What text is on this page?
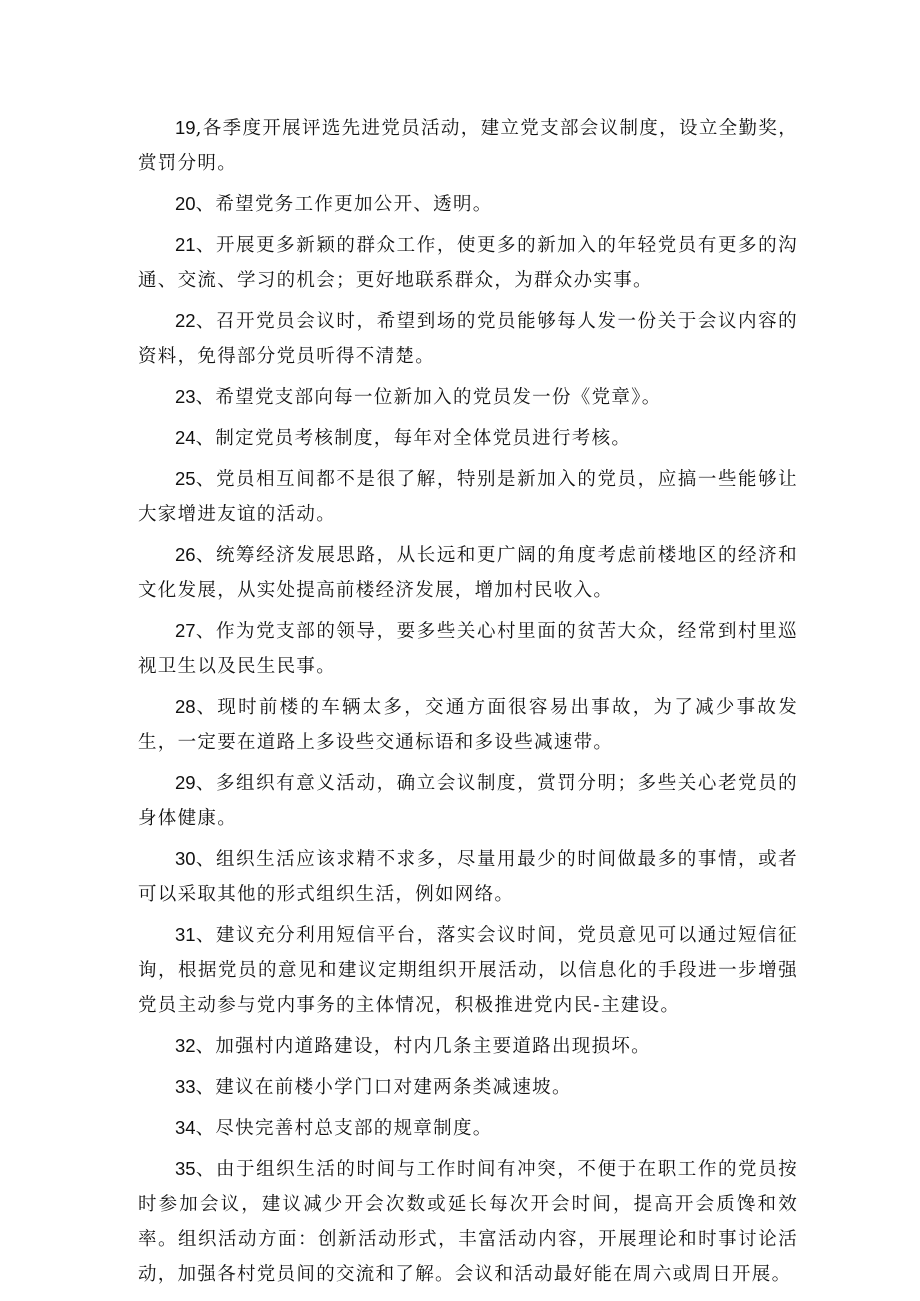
19,各季度开展评选先进党员活动，建立党支部会议制度，设立全勤奖，赏罚分明。

20、希望党务工作更加公开、透明。

21、开展更多新颖的群众工作，使更多的新加入的年轻党员有更多的沟通、交流、学习的机会；更好地联系群众，为群众办实事。

22、召开党员会议时，希望到场的党员能够每人发一份关于会议内容的资料，免得部分党员听得不清楚。

23、希望党支部向每一位新加入的党员发一份《党章》。

24、制定党员考核制度，每年对全体党员进行考核。

25、党员相互间都不是很了解，特别是新加入的党员，应搞一些能够让大家增进友谊的活动。

26、统筹经济发展思路，从长远和更广阔的角度考虑前楼地区的经济和文化发展，从实处提高前楼经济发展，增加村民收入。

27、作为党支部的领导，要多些关心村里面的贫苦大众，经常到村里巡视卫生以及民生民事。

28、现时前楼的车辆太多，交通方面很容易出事故，为了减少事故发生，一定要在道路上多设些交通标语和多设些减速带。

29、多组织有意义活动，确立会议制度，赏罚分明；多些关心老党员的身体健康。

30、组织生活应该求精不求多，尽量用最少的时间做最多的事情，或者可以采取其他的形式组织生活，例如网络。

31、建议充分利用短信平台，落实会议时间，党员意见可以通过短信征询，根据党员的意见和建议定期组织开展活动，以信息化的手段进一步增强党员主动参与党内事务的主体情况，积极推进党内民-主建设。

32、加强村内道路建设，村内几条主要道路出现损坏。

33、建议在前楼小学门口对建两条类减速坡。

34、尽快完善村总支部的规章制度。

35、由于组织生活的时间与工作时间有冲突，不便于在职工作的党员按时参加会议，建议减少开会次数或延长每次开会时间，提高开会质馋和效率。组织活动方面：创新活动形式，丰富活动内容，开展理论和时事讨论活动，加强各村党员间的交流和了解。会议和活动最好能在周六或周日开展。
